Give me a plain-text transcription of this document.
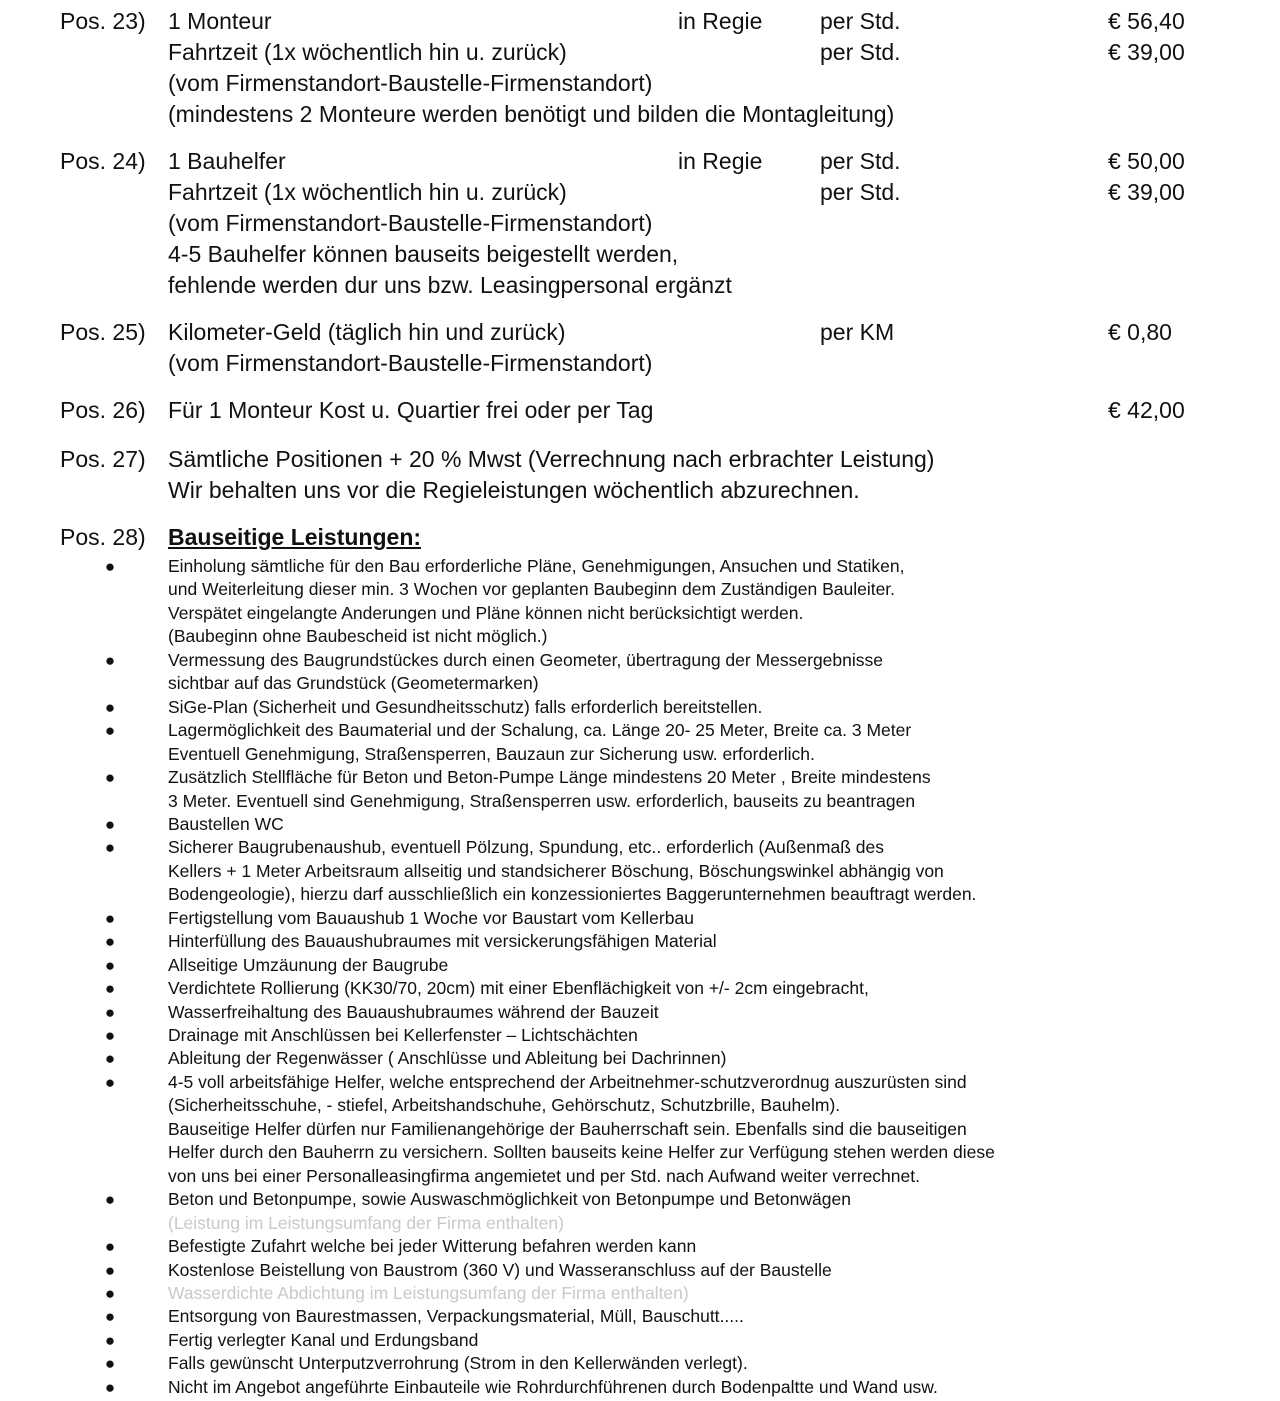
Pos. 23) 1 Monteur	in Regie	per Std.	€ 56,40
Fahrtzeit (1x wöchentlich hin u. zurück)	per Std.	€ 39,00
(vom Firmenstandort-Baustelle-Firmenstandort)
(mindestens 2 Monteure werden benötigt und bilden die Montagleitung)
Pos. 24) 1 Bauhelfer	in Regie	per Std.	€ 50,00
Fahrtzeit (1x wöchentlich hin u. zurück)	per Std.	€ 39,00
(vom Firmenstandort-Baustelle-Firmenstandort)
4-5 Bauhelfer können bauseits beigestellt werden,
fehlende werden dur uns bzw. Leasingpersonal ergänzt
Pos. 25) Kilometer-Geld (täglich hin und zurück)	per KM	€ 0,80
(vom Firmenstandort-Baustelle-Firmenstandort)
Pos. 26) Für 1 Monteur Kost u. Quartier frei oder per Tag	€ 42,00
Pos. 27) Sämtliche Positionen + 20 % Mwst (Verrechnung nach erbrachter Leistung)
Wir behalten uns vor die Regieleistungen wöchentlich abzurechnen.
Pos. 28) Bauseitige Leistungen:
●	Einholung sämtliche für den Bau erforderliche Pläne, Genehmigungen, Ansuchen und Statiken,
und Weiterleitung dieser min. 3 Wochen vor geplanten Baubeginn dem Zuständigen Bauleiter.
Verspätet eingelangte Anderungen und Pläne können nicht berücksichtigt werden.
(Baubeginn ohne Baubescheid ist nicht möglich.)
●	Vermessung des Baugrundstückes durch einen Geometer, übertragung der Messergebnisse
sichtbar auf das Grundstück (Geometermarken)
●	SiGe-Plan (Sicherheit und Gesundheitsschutz) falls erforderlich bereitstellen.
●	Lagermöglichkeit des Baumaterial und der Schalung, ca. Länge 20- 25 Meter, Breite ca. 3 Meter
Eventuell Genehmigung, Straßensperren, Bauzaun zur Sicherung usw. erforderlich.
●	Zusätzlich Stellfläche für Beton und Beton-Pumpe Länge mindestens 20 Meter , Breite mindestens
3 Meter. Eventuell sind Genehmigung, Straßensperren usw. erforderlich, bauseits zu beantragen
●	Baustellen WC
●	Sicherer Baugrubenaushub, eventuell Pölzung, Spundung, etc.. erforderlich (Außenmaß des
Kellers + 1 Meter Arbeitsraum allseitig und standsicherer Böschung, Böschungswinkel abhängig von
Bodengeologie), hierzu darf ausschließlich ein konzessioniertes Baggerunternehmen beauftragt werden.
●	Fertigstellung vom Bauaushub 1 Woche vor Baustart vom Kellerbau
●	Hinterfüllung des Bauaushubraumes mit versickerungsfähigen Material
●	Allseitige Umzäunung der Baugrube
●	Verdichtete Rollierung (KK30/70, 20cm) mit einer Ebenflächigkeit von +/- 2cm eingebracht,
●	Wasserfreihaltung des Bauaushubraumes während der Bauzeit
●	Drainage mit Anschlüssen bei Kellerfenster – Lichtschächten
●	Ableitung der Regenwässer ( Anschlüsse und Ableitung bei Dachrinnen)
●	4-5 voll arbeitsfähige Helfer, welche entsprechend der Arbeitnehmer-schutzverordnug auszurüsten sind
(Sicherheitsschuhe, - stiefel, Arbeitshandschuhe, Gehörschutz, Schutzbrille, Bauhelm).
Bauseitige Helfer dürfen nur Familienangehörige der Bauherrschaft sein. Ebenfalls sind die bauseitigen
Helfer durch den Bauherrn zu versichern. Sollten bauseits keine Helfer zur Verfügung stehen werden diese
von uns bei einer Personalleasingfirma angemietet und per Std. nach Aufwand weiter verrechnet.
●	Beton und Betonpumpe, sowie Auswaschmöglichkeit von Betonpumpe und Betonwägen
(Leistung im Leistungsumfang der Firma enthalten)
●	Befestigte Zufahrt welche bei jeder Witterung befahren werden kann
●	Kostenlose Beistellung von Baustrom (360 V) und Wasseranschluss auf der Baustelle
●	Wasserdichte Abdichtung im Leistungsumfang der Firma enthalten)
●	Entsorgung von Baurestmassen, Verpackungsmaterial, Müll, Bauschutt.....
●	Fertig verlegter Kanal und Erdungsband
●	Falls gewünscht Unterputzverrohrung (Strom in den Kellerwänden verlegt).
●	Nicht im Angebot angeführte Einbauteile wie Rohrdurchführenen durch Bodenpaltte und Wand usw.
